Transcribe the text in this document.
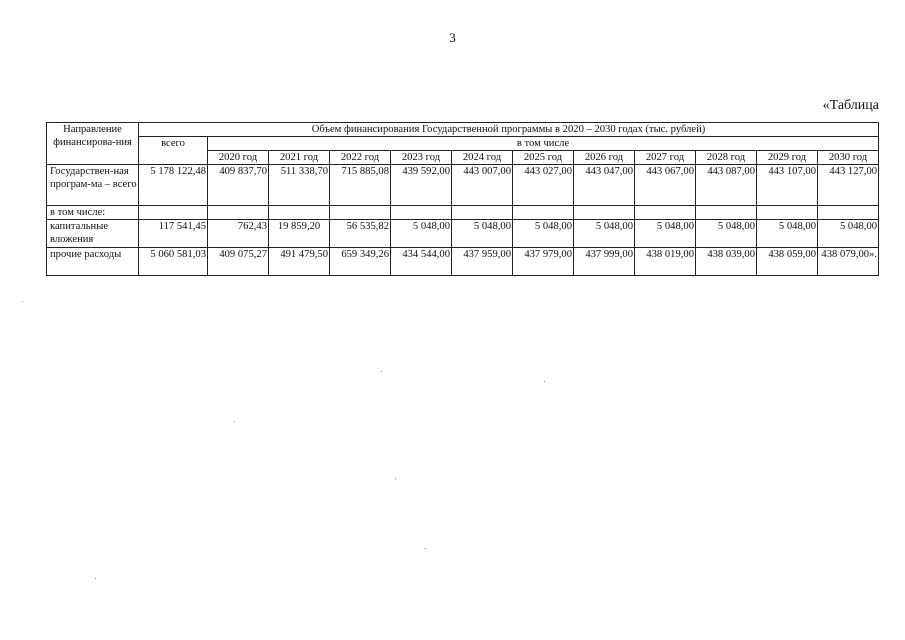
3
«Таблица
Направление финансирова-ния	Объем финансирования Государственной программы в 2020 – 2030 годах (тыс. рублей)											
	всего	в том числе										
		2020 год	2021 год	2022 год	2023 год	2024 год	2025 год	2026 год	2027 год	2028 год	2029 год	2030 год
Государствен-ная програм-ма – всего	5 178 122,48	409 837,70	511 338,70	715 885,08	439 592,00	443 007,00	443 027,00	443 047,00	443 067,00	443 087,00	443 107,00	443 127,00
в том числе:												
капитальные вложения	117 541,45	762,43	19 859,20	56 535,82	5 048,00	5 048,00	5 048,00	5 048,00	5 048,00	5 048,00	5 048,00	5 048,00
прочие расходы	5 060 581,03	409 075,27	491 479,50	659 349,26	434 544,00	437 959,00	437 979,00	437 999,00	438 019,00	438 039,00	438 059,00	438 079,00».
